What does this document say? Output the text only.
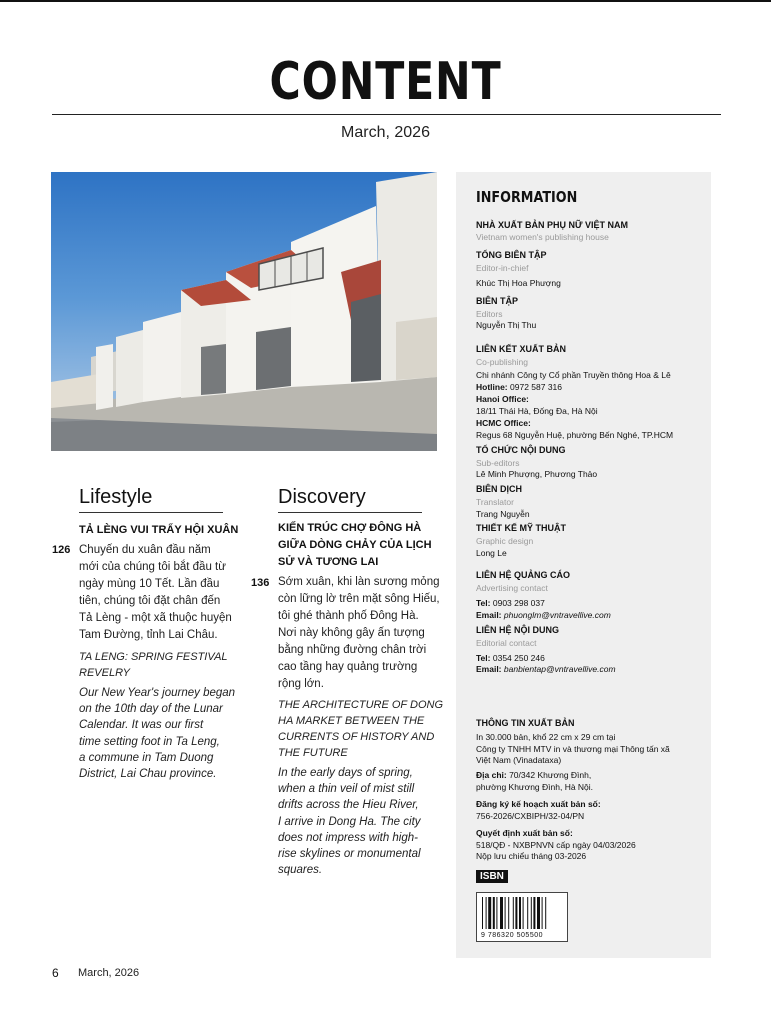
CONTENT
March, 2026
Lifestyle
TẢ LÈNG VUI TRẨY HỘI XUÂN
126 Chuyến du xuân đầu năm
mới của chúng tôi bắt đầu từ
ngày mùng 10 Tết. Lần đầu
tiên, chúng tôi đặt chân đến
Tả Lèng - một xã thuộc huyện
Tam Đường, tỉnh Lai Châu.
TA LENG: SPRING FESTIVAL
REVELRY
Our New Year's journey began
on the 10th day of the Lunar
Calendar. It was our first
time setting foot in Ta Leng,
a commune in Tam Duong
District, Lai Chau province.
Discovery
KIẾN TRÚC CHỢ ĐÔNG HÀ
GIỮA DÒNG CHẢY CỦA LỊCH
SỬ VÀ TƯƠNG LAI
136 Sớm xuân, khi làn sương mỏng
còn lững lờ trên mặt sông Hiếu,
tôi ghé thành phố Đông Hà.
Nơi này không gây ấn tượng
bằng những đường chân trời
cao tầng hay quảng trường
rộng lớn.
THE ARCHITECTURE OF DONG
HA MARKET BETWEEN THE
CURRENTS OF HISTORY AND
THE FUTURE
In the early days of spring,
when a thin veil of mist still
drifts across the Hieu River,
I arrive in Dong Ha. The city
does not impress with high-
rise skylines or monumental
squares.
INFORMATION
NHÀ XUẤT BẢN PHỤ NỮ VIỆT NAM
Vietnam women's publishing house
TỔNG BIÊN TẬP
Editor-in-chief
Khúc Thị Hoa Phượng
BIÊN TẬP
Editors
Nguyễn Thị Thu
LIÊN KẾT XUẤT BẢN
Co-publishing
Chi nhánh Công ty Cổ phần Truyền thông Hoa & Lê
Hotline: 0972 587 316
Hanoi Office:
18/11 Thái Hà, Đống Đa, Hà Nội
HCMC Office:
Regus 68 Nguyễn Huệ, phường Bến Nghé, TP.HCM
TỔ CHỨC NỘI DUNG
Sub-editors
Lê Minh Phượng, Phương Thảo
BIÊN DỊCH
Translator
Trang Nguyễn
THIẾT KẾ MỸ THUẬT
Graphic design
Long Le
LIÊN HỆ QUẢNG CÁO
Advertising contact
Tel: 0903 298 037
Email: phuonglm@vntravellive.com
LIÊN HỆ NỘI DUNG
Editorial contact
Tel: 0354 250 246
Email: banbientap@vntravellive.com
THÔNG TIN XUẤT BẢN
In 30.000 bản, khổ 22 cm x 29 cm tại
Công ty TNHH MTV in và thương mại Thông tấn xã
Việt Nam (Vinadataxa)
Địa chỉ: 70/342 Khương Đình,
phường Khương Đình, Hà Nội.
Đăng ký kế hoạch xuất bản số:
756-2026/CXBIPH/32-04/PN
Quyết định xuất bản số:
518/QĐ - NXBPNVN cấp ngày 04/03/2026
Nộp lưu chiểu tháng 03-2026
ISBN
9 786320 505500
6 March, 2026
